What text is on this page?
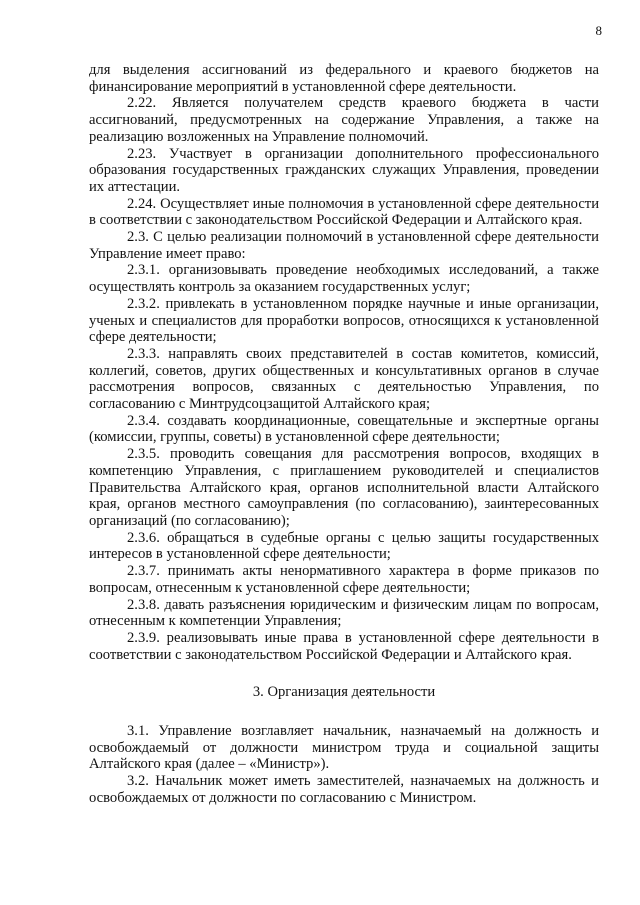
8

для выделения ассигнований из федерального и краевого бюджетов на финансирование мероприятий в установленной сфере деятельности.

2.22. Является получателем средств краевого бюджета в части ассигнований, предусмотренных на содержание Управления, а также на реализацию возложенных на Управление полномочий.

2.23. Участвует в организации дополнительного профессионального образования государственных гражданских служащих Управления, проведении их аттестации.

2.24. Осуществляет иные полномочия в установленной сфере деятельности в соответствии с законодательством Российской Федерации и Алтайского края.

2.3. С целью реализации полномочий в установленной сфере деятельности Управление имеет право:

2.3.1. организовывать проведение необходимых исследований, а также осуществлять контроль за оказанием государственных услуг;

2.3.2. привлекать в установленном порядке научные и иные организации, ученых и специалистов для проработки вопросов, относящихся к установленной сфере деятельности;

2.3.3. направлять своих представителей в состав комитетов, комиссий, коллегий, советов, других общественных и консультативных органов в случае рассмотрения вопросов, связанных с деятельностью Управления, по согласованию с Минтрудсоцзащитой Алтайского края;

2.3.4. создавать координационные, совещательные и экспертные органы (комиссии, группы, советы) в установленной сфере деятельности;

2.3.5. проводить совещания для рассмотрения вопросов, входящих в компетенцию Управления, с приглашением руководителей и специалистов Правительства Алтайского края, органов исполнительной власти Алтайского края, органов местного самоуправления (по согласованию), заинтересованных организаций (по согласованию);

2.3.6. обращаться в судебные органы с целью защиты государственных интересов в установленной сфере деятельности;

2.3.7. принимать акты ненормативного характера в форме приказов по вопросам, отнесенным к установленной сфере деятельности;

2.3.8. давать разъяснения юридическим и физическим лицам по вопросам, отнесенным к компетенции Управления;

2.3.9. реализовывать иные права в установленной сфере деятельности в соответствии с законодательством Российской Федерации и Алтайского края.

3. Организация деятельности

3.1. Управление возглавляет начальник, назначаемый на должность и освобождаемый от должности министром труда и социальной защиты Алтайского края (далее – «Министр»).

3.2. Начальник может иметь заместителей, назначаемых на должность и освобождаемых от должности по согласованию с Министром.
